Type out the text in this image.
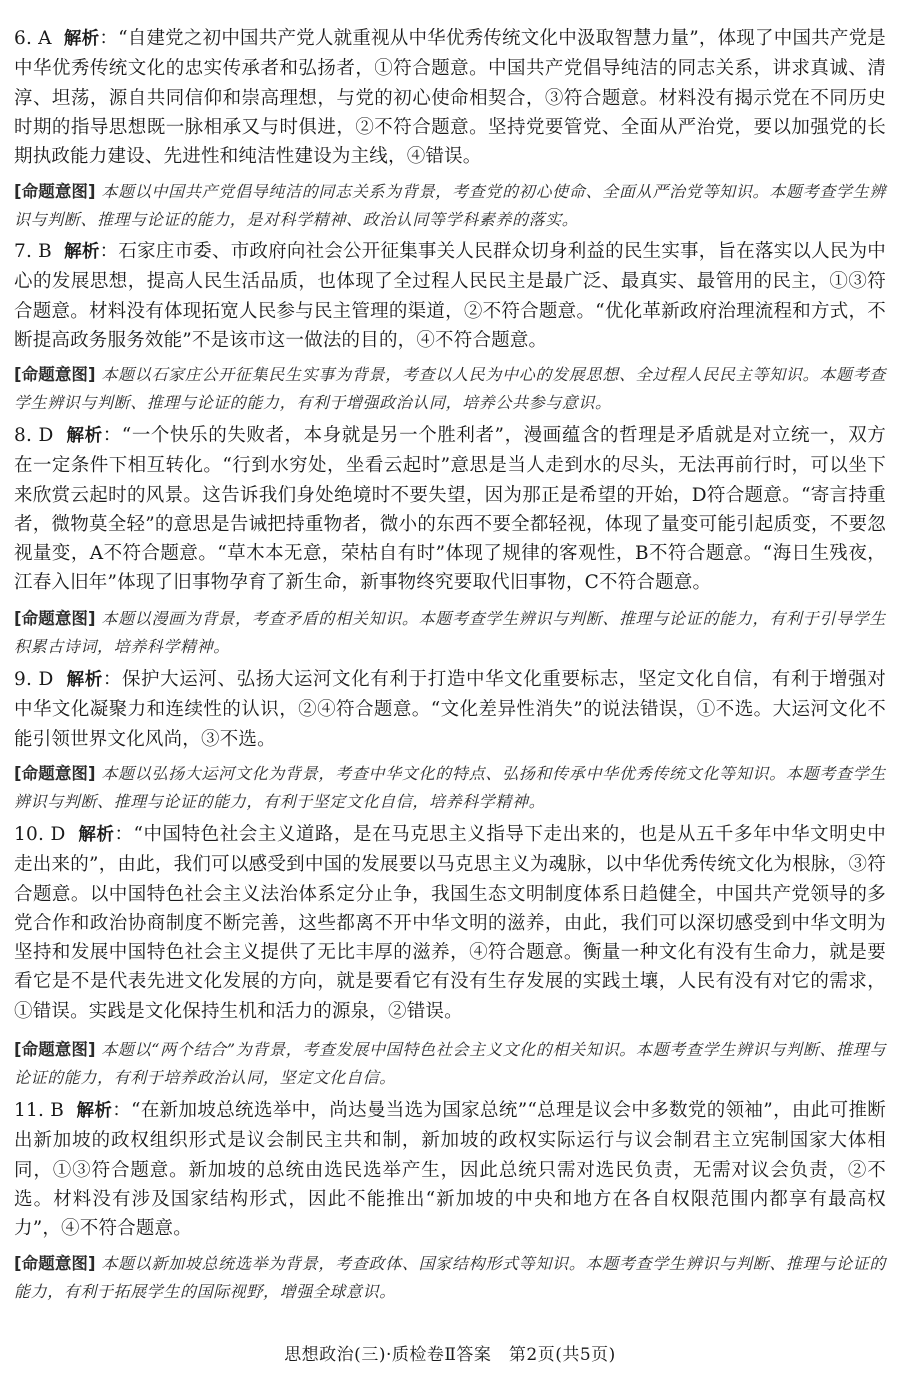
6. A 解析：“自建党之初中国共产党人就重视从中华优秀传统文化中汲取智慧力量”，体现了中国共产党是中华优秀传统文化的忠实传承者和弘扬者，①符合题意。中国共产党倡导纯洁的同志关系，讲求真诚、清淳、坦荡，源自共同信仰和崇高理想，与党的初心使命相契合，③符合题意。材料没有揭示党在不同历史时期的指导思想既一脉相承又与时俱进，②不符合题意。坚持党要管党、全面从严治党，要以加强党的长期执政能力建设、先进性和纯洁性建设为主线，④错误。
[命题意图] 本题以中国共产党倡导纯洁的同志关系为背景，考查党的初心使命、全面从严治党等知识。本题考查学生辨识与判断、推理与论证的能力，是对科学精神、政治认同等学科素养的落实。
7. B 解析：石家庄市委、市政府向社会公开征集事关人民群众切身利益的民生实事，旨在落实以人民为中心的发展思想，提高人民生活品质，也体现了全过程人民民主是最广泛、最真实、最管用的民主，①③符合题意。材料没有体现拓宽人民参与民主管理的渠道，②不符合题意。“优化革新政府治理流程和方式，不断提高政务服务效能”不是该市这一做法的目的，④不符合题意。
[命题意图] 本题以石家庄公开征集民生实事为背景，考查以人民为中心的发展思想、全过程人民民主等知识。本题考查学生辨识与判断、推理与论证的能力，有利于增强政治认同，培养公共参与意识。
8. D 解析：“一个快乐的失败者，本身就是另一个胜利者”，漫画蕴含的哲理是矛盾就是对立统一，双方在一定条件下相互转化。“行到水穷处，坐看云起时”意思是当人走到水的尽头，无法再前行时，可以坐下来欣赏云起时的风景。这告诉我们身处绝境时不要失望，因为那正是希望的开始，D符合题意。“寄言持重者，微物莫全轻”的意思是告诫把持重物者，微小的东西不要全都轻视，体现了量变可能引起质变，不要忽视量变，A不符合题意。“草木本无意，荣枯自有时”体现了规律的客观性，B不符合题意。“海日生残夜，江春入旧年”体现了旧事物孕育了新生命，新事物终究要取代旧事物，C不符合题意。
[命题意图] 本题以漫画为背景，考查矛盾的相关知识。本题考查学生辨识与判断、推理与论证的能力，有利于引导学生积累古诗词，培养科学精神。
9. D 解析：保护大运河、弘扬大运河文化有利于打造中华文化重要标志，坚定文化自信，有利于增强对中华文化凝聚力和连续性的认识，②④符合题意。“文化差异性消失”的说法错误，①不选。大运河文化不能引领世界文化风尚，③不选。
[命题意图] 本题以弘扬大运河文化为背景，考查中华文化的特点、弘扬和传承中华优秀传统文化等知识。本题考查学生辨识与判断、推理与论证的能力，有利于坚定文化自信，培养科学精神。
10. D 解析：“中国特色社会主义道路，是在马克思主义指导下走出来的，也是从五千多年中华文明史中走出来的”，由此，我们可以感受到中国的发展要以马克思主义为魂脉，以中华优秀传统文化为根脉，③符合题意。以中国特色社会主义法治体系定分止争，我国生态文明制度体系日趋健全，中国共产党领导的多党合作和政治协商制度不断完善，这些都离不开中华文明的滋养，由此，我们可以深切感受到中华文明为坚持和发展中国特色社会主义提供了无比丰厚的滋养，④符合题意。衡量一种文化有没有生命力，就是要看它是不是代表先进文化发展的方向，就是要看它有没有生存发展的实践土壤，人民有没有对它的需求，①错误。实践是文化保持生机和活力的源泉，②错误。
[命题意图] 本题以“两个结合”为背景，考查发展中国特色社会主义文化的相关知识。本题考查学生辨识与判断、推理与论证的能力，有利于培养政治认同，坚定文化自信。
11. B 解析：“在新加坡总统选举中，尚达曼当选为国家总统”“总理是议会中多数党的领袖”，由此可推断出新加坡的政权组织形式是议会制民主共和制，新加坡的政权实际运行与议会制君主立宪制国家大体相同，①③符合题意。新加坡的总统由选民选举产生，因此总统只需对选民负责，无需对议会负责，②不选。材料没有涉及国家结构形式，因此不能推出“新加坡的中央和地方在各自权限范围内都享有最高权力”，④不符合题意。
[命题意图] 本题以新加坡总统选举为背景，考查政体、国家结构形式等知识。本题考查学生辨识与判断、推理与论证的能力，有利于拓展学生的国际视野，增强全球意识。
思想政治(三)·质检卷Ⅱ答案　第2页(共5页)
